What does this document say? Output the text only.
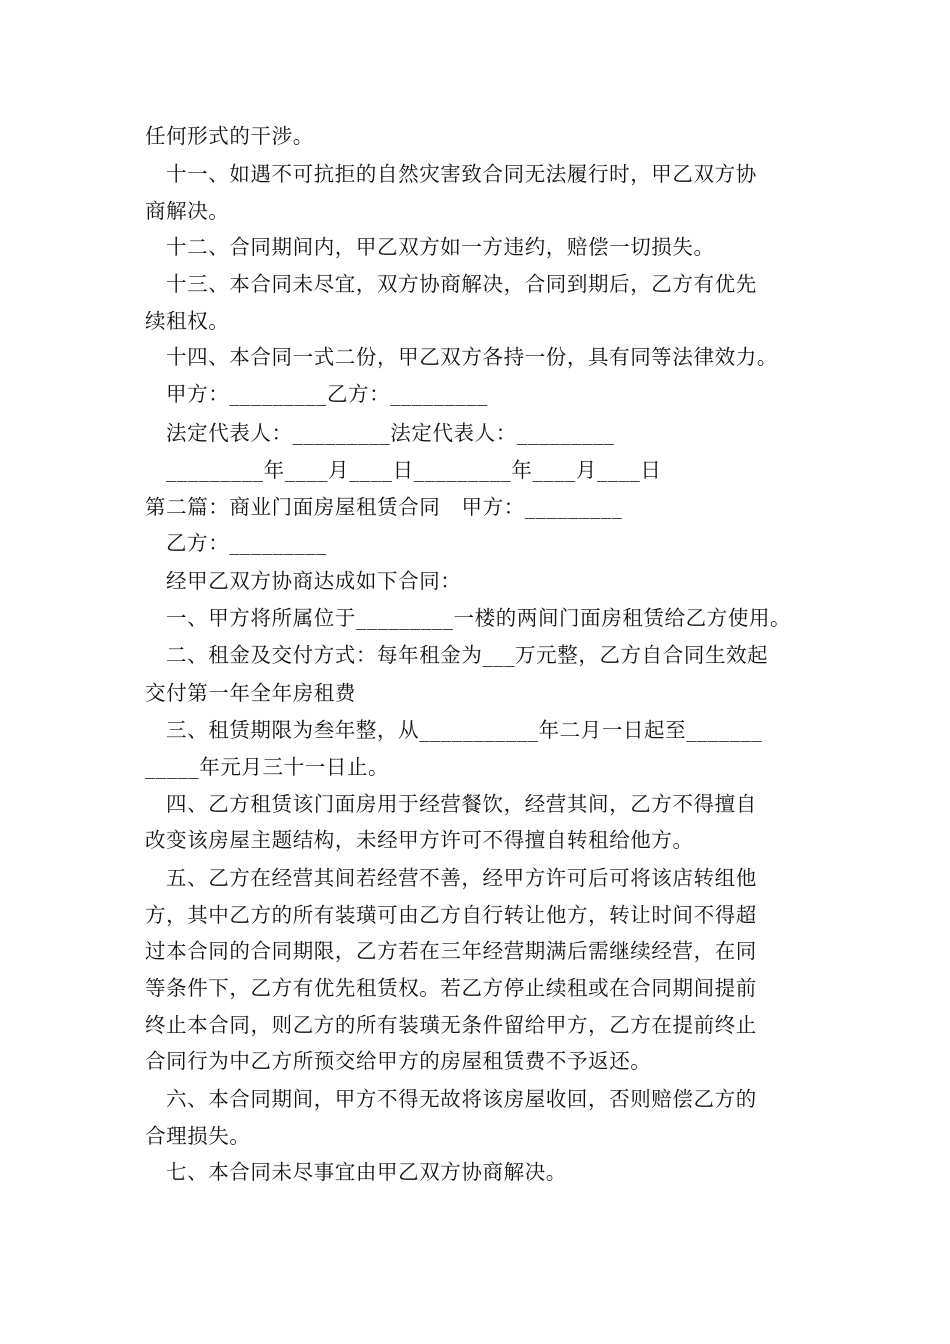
任何形式的干涉。
十一、如遇不可抗拒的自然灾害致合同无法履行时，甲乙双方协
商解决。
十二、合同期间内，甲乙双方如一方违约，赔偿一切损失。
十三、本合同未尽宜，双方协商解决，合同到期后，乙方有优先
续租权。
十四、本合同一式二份，甲乙双方各持一份，具有同等法律效力。
甲方：_________乙方：_________
法定代表人：_________法定代表人：_________
_________年____月____日_________年____月____日
第二篇：商业门面房屋租赁合同　甲方：_________
乙方：_________
经甲乙双方协商达成如下合同：
一、甲方将所属位于_________一楼的两间门面房租赁给乙方使用。
二、租金及交付方式：每年租金为___万元整，乙方自合同生效起
交付第一年全年房租费
三、租赁期限为叁年整，从___________年二月一日起至_______
_____年元月三十一日止。
四、乙方租赁该门面房用于经营餐饮，经营其间，乙方不得擅自
改变该房屋主题结构，未经甲方许可不得擅自转租给他方。
五、乙方在经营其间若经营不善，经甲方许可后可将该店转组他
方，其中乙方的所有装璜可由乙方自行转让他方，转让时间不得超
过本合同的合同期限，乙方若在三年经营期满后需继续经营，在同
等条件下，乙方有优先租赁权。若乙方停止续租或在合同期间提前
终止本合同，则乙方的所有装璜无条件留给甲方，乙方在提前终止
合同行为中乙方所预交给甲方的房屋租赁费不予返还。
六、本合同期间，甲方不得无故将该房屋收回，否则赔偿乙方的
合理损失。
七、本合同未尽事宜由甲乙双方协商解决。
